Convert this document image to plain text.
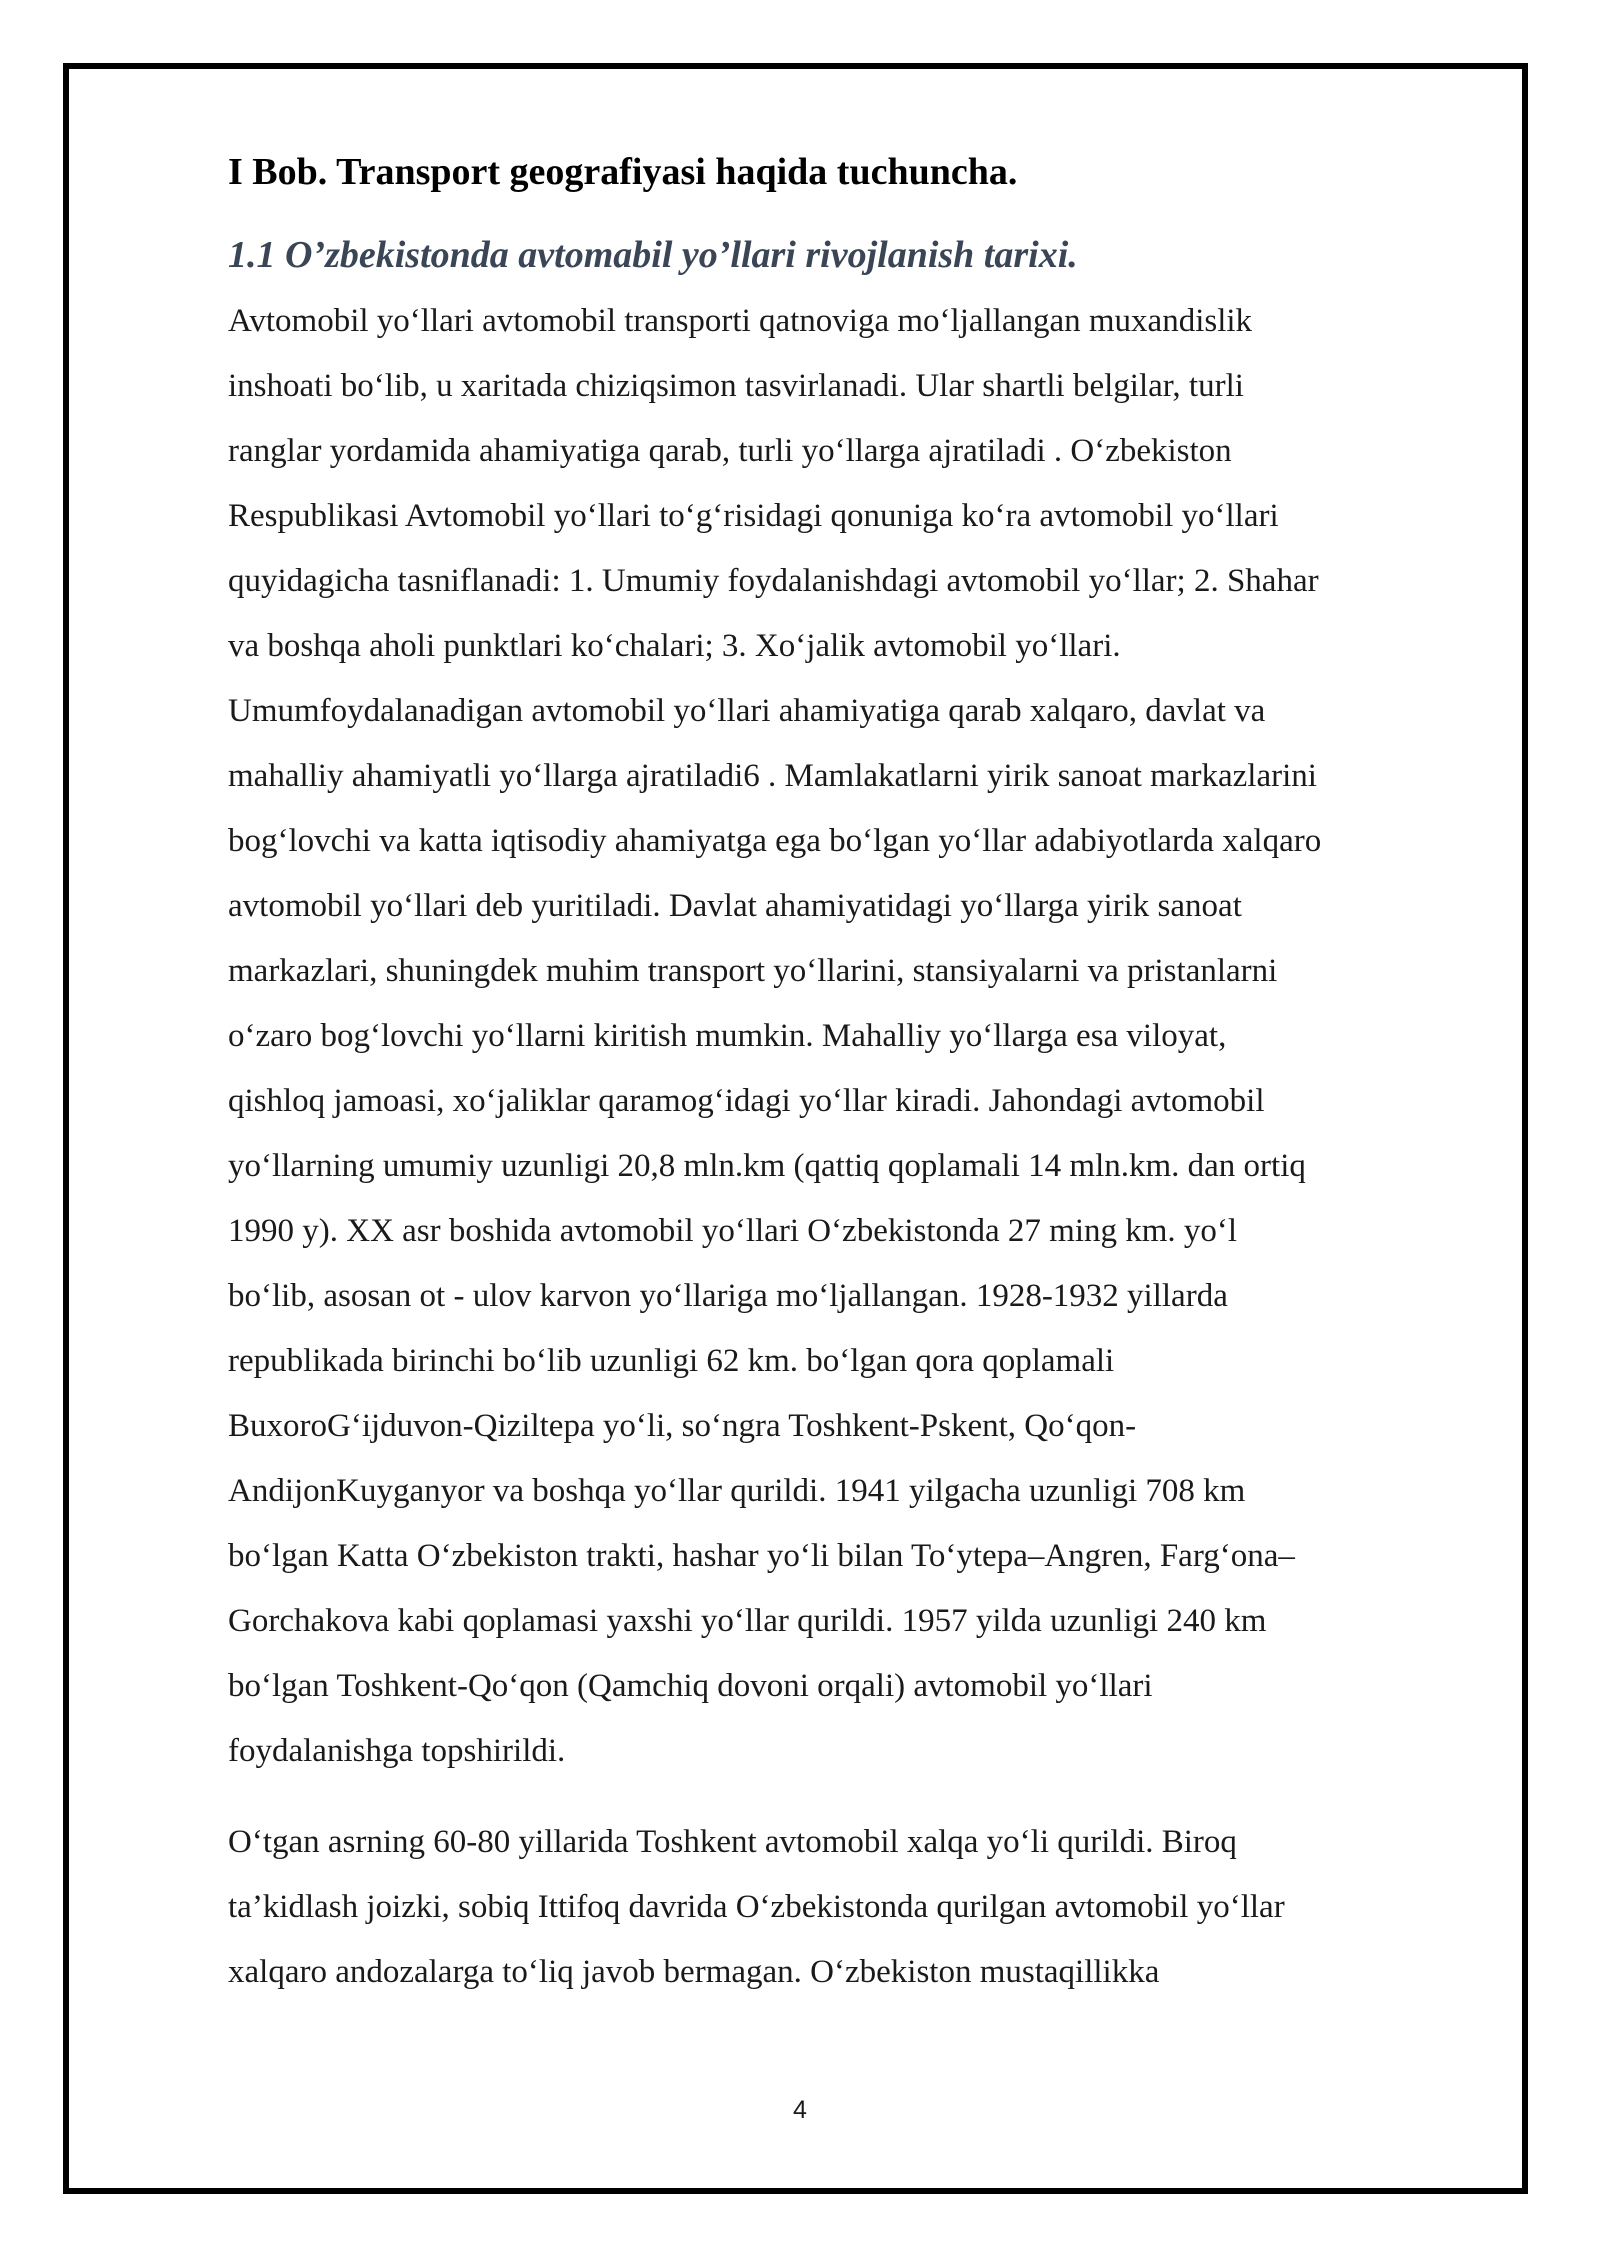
I Bob. Transport geografiyasi haqida tuchuncha.
1.1 O’zbekistonda avtomabil yo’llari rivojlanish tarixi.

Avtomobil yo‘llari avtomobil transporti qatnoviga mo‘ljallangan muxandislik
inshoati bo‘lib, u xaritada chiziqsimon tasvirlanadi. Ular shartli belgilar, turli
ranglar yordamida ahamiyatiga qarab, turli yo‘llarga ajratiladi . O‘zbekiston
Respublikasi Avtomobil yo‘llari to‘g‘risidagi qonuniga ko‘ra avtomobil yo‘llari
quyidagicha tasniflanadi: 1. Umumiy foydalanishdagi avtomobil yo‘llar; 2. Shahar
va boshqa aholi punktlari ko‘chalari; 3. Xo‘jalik avtomobil yo‘llari.
Umumfoydalanadigan avtomobil yo‘llari ahamiyatiga qarab xalqaro, davlat va
mahalliy ahamiyatli yo‘llarga ajratiladi6 . Mamlakatlarni yirik sanoat markazlarini
bog‘lovchi va katta iqtisodiy ahamiyatga ega bo‘lgan yo‘llar adabiyotlarda xalqaro
avtomobil yo‘llari deb yuritiladi. Davlat ahamiyatidagi yo‘llarga yirik sanoat
markazlari, shuningdek muhim transport yo‘llarini, stansiyalarni va pristanlarni
o‘zaro bog‘lovchi yo‘llarni kiritish mumkin. Mahalliy yo‘llarga esa viloyat,
qishloq jamoasi, xo‘jaliklar qaramog‘idagi yo‘llar kiradi. Jahondagi avtomobil
yo‘llarning umumiy uzunligi 20,8 mln.km (qattiq qoplamali 14 mln.km. dan ortiq
1990 y). XX asr boshida avtomobil yo‘llari O‘zbekistonda 27 ming km. yo‘l
bo‘lib, asosan ot - ulov karvon yo‘llariga mo‘ljallangan. 1928-1932 yillarda
republikada birinchi bo‘lib uzunligi 62 km. bo‘lgan qora qoplamali
BuxoroG‘ijduvon-Qiziltepa yo‘li, so‘ngra Toshkent-Pskent, Qo‘qon-
AndijonKuyganyor va boshqa yo‘llar qurildi. 1941 yilgacha uzunligi 708 km
bo‘lgan Katta O‘zbekiston trakti, hashar yo‘li bilan To‘ytepa–Angren, Farg‘ona–
Gorchakova kabi qoplamasi yaxshi yo‘llar qurildi. 1957 yilda uzunligi 240 km
bo‘lgan Toshkent-Qo‘qon (Qamchiq dovoni orqali) avtomobil yo‘llari
foydalanishga topshirildi.

O‘tgan asrning 60-80 yillarida Toshkent avtomobil xalqa yo‘li qurildi. Biroq
ta’kidlash joizki, sobiq Ittifoq davrida O‘zbekistonda qurilgan avtomobil yo‘llar
xalqaro andozalarga to‘liq javob bermagan. O‘zbekiston mustaqillikka

4
